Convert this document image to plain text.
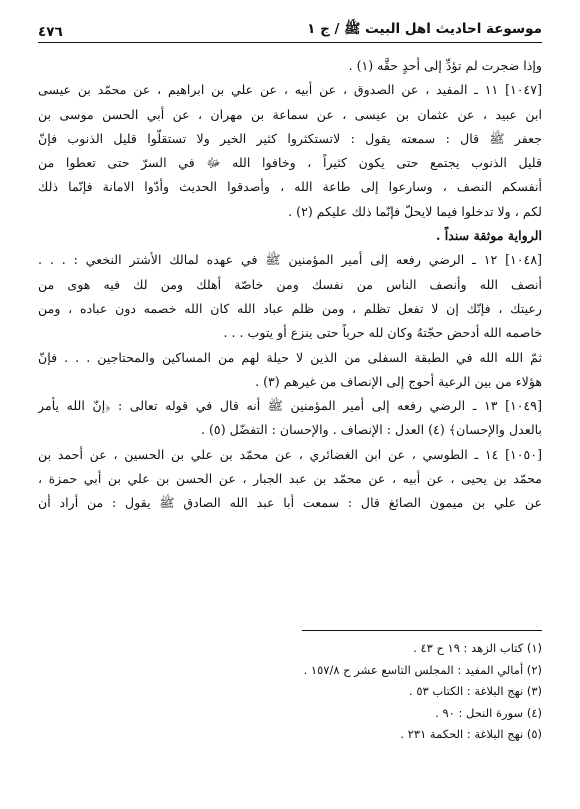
موسوعة احاديث اهل البيت ﷺ / ج ١
٤٧٦
وإذا ضجرت لم تؤدِّ إلى أحدٍ حقَّه (١) .
[١٠٤٧] ١١ ـ المفيد ، عن الصدوق ، عن أبيه ، عن علي بن ابراهيم ، عن محمّد بن عيسى
ابن عبيد ، عن عثمان بن عيسى ، عن سماعة بن مهران ، عن أبي الحسن موسى بن
جعفر ﷺ قال : سمعته يقول : لاتستكثروا كثير الخير ولا تستقلّوا قليل الذنوب فإنّ
قليل الذنوب يجتمع حتى يكون كثيراً ، وخافوا الله ﷻ في السرّ حتى تعطوا من
أنفسكم النصف ، وسارعوا إلى طاعة الله ، وأصدقوا الحديث وأدّوا الامانة فإنّما ذلك
لكم ، ولا تدخلوا فيما لايحلّ فإنّما ذلك عليكم (٢) .
الرواية موثقة سنداً .
[١٠٤٨] ١٢ ـ الرضي رفعه إلى أمير المؤمنين ﷺ في عهده لمالك الأشتر النخعي : . . .
أنصف الله وأنصف الناس من نفسك ومن خاصّة أهلك ومن لك فيه هوى من
رعيتك ، فإنّك إن لا تفعل تظلم ، ومن ظلم عباد الله كان الله خصمه دون عباده ، ومن
خاصمه الله أدحض حجّتهُ وكان لله حرباً حتى ينزع أو يتوب . . .
ثمّ الله الله في الطبقة السفلى من الذين لا حيلة لهم من المساكين والمحتاجين . . . فإنّ
هؤلاء من بين الرعية أحوج إلى الإنصاف من غيرهم (٣) .
[١٠٤٩] ١٣ ـ الرضي رفعه إلى أمير المؤمنين ﷺ أنه قال في قوله تعالى : ﴿إنّ الله يأمر
بالعدل والإحسان﴾ (٤) العدل : الإنصاف . والإحسان : التفضّل (٥) .
[١٠٥٠] ١٤ ـ الطوسي ، عن ابن الغضائري ، عن محمّد بن علي بن الحسين ، عن أحمد بن
محمّد بن يحيى ، عن أبيه ، عن محمّد بن عبد الجبار ، عن الحسن بن علي بن أبي حمزة ،
عن علي بن ميمون الصائغ قال : سمعت أبا عبد الله الصادق ﷺ يقول : من أراد أن
(١) كتاب الزهد : ١٩ ح ٤٣ .
(٢) أمالي المفيد : المجلس التاسع عشر ح ١٥٧/٨ .
(٣) نهج البلاغة : الكتاب ٥٣ .
(٤) سورة النحل : ٩٠ .
(٥) نهج البلاغة : الحكمة ٢٣١ .
